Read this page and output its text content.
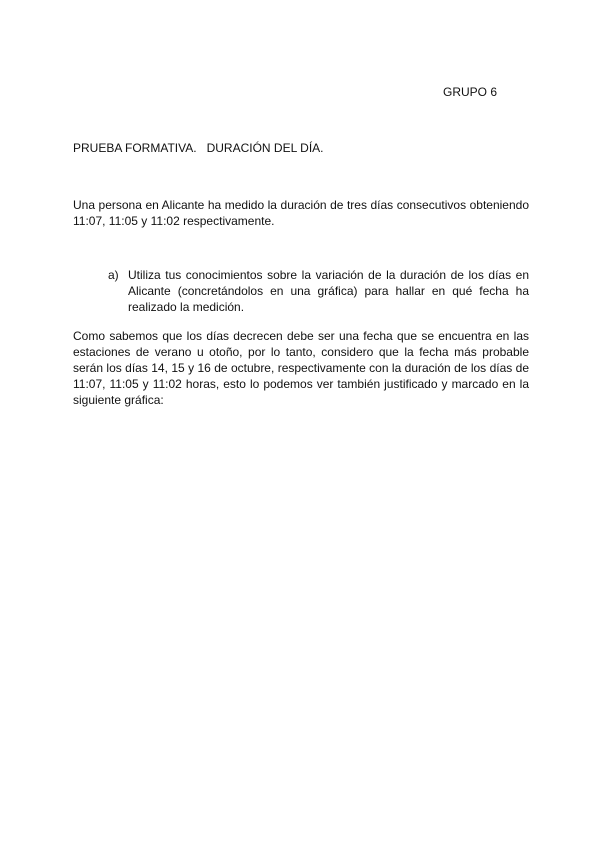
GRUPO 6
PRUEBA FORMATIVA. DURACIÓN DEL DÍA.

Una persona en Alicante ha medido la duración de tres días consecutivos obteniendo 11:07, 11:05 y 11:02 respectivamente.

a) Utiliza tus conocimientos sobre la variación de la duración de los días en Alicante (concretándolos en una gráfica) para hallar en qué fecha ha realizado la medición.

Como sabemos que los días decrecen debe ser una fecha que se encuentra en las estaciones de verano u otoño, por lo tanto, considero que la fecha más probable serán los días 14, 15 y 16 de octubre, respectivamente con la duración de los días de 11:07, 11:05 y 11:02 horas, esto lo podemos ver también justificado y marcado en la siguiente gráfica:
